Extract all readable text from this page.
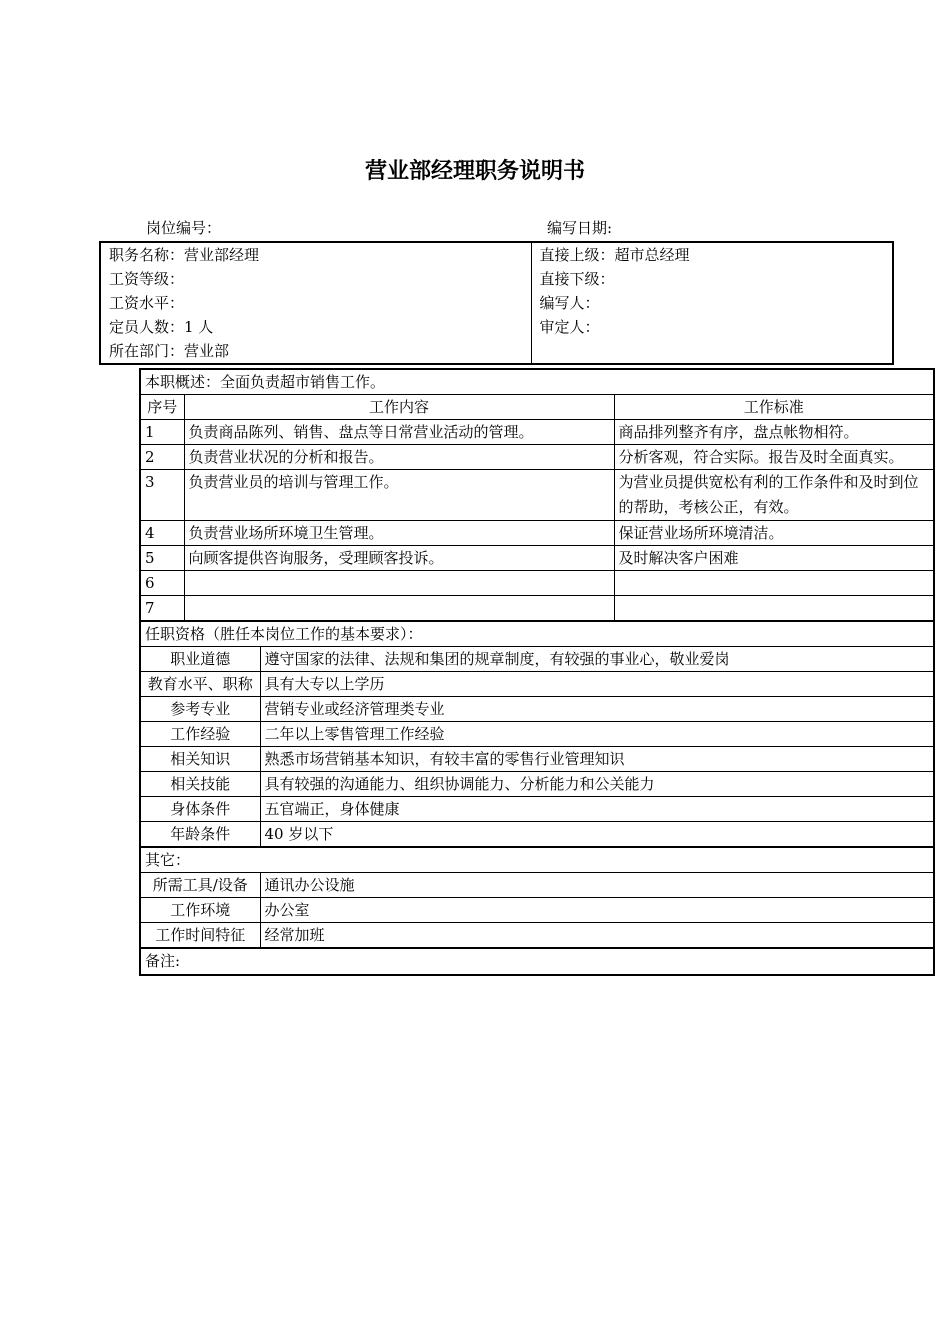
营业部经理职务说明书
岗位编号：	编写日期:
职务名称：营业部经理	直接上级：超市总经理
工资等级：	直接下级：
工资水平：	编写人：
定员人数：1 人	审定人：
所在部门：营业部	
本职概述：全面负责超市销售工作。			
序号	工作内容		工作标准
1	负责商品陈列、销售、盘点等日常营业活动的管理。		商品排列整齐有序，盘点帐物相符。
2	负责营业状况的分析和报告。		分析客观，符合实际。报告及时全面真实。
3	负责营业员的培训与管理工作。		为营业员提供宽松有利的工作条件和及时到位的帮助，考核公正，有效。
4	负责营业场所环境卫生管理。		保证营业场所环境清洁。
5	向顾客提供咨询服务，受理顾客投诉。		及时解决客户困难
6			
7			
任职资格（胜任本岗位工作的基本要求）：			
职业道德		遵守国家的法律、法规和集团的规章制度，有较强的事业心，敬业爱岗	
教育水平、职称		具有大专以上学历	
参考专业		营销专业或经济管理类专业	
工作经验		二年以上零售管理工作经验	
相关知识		熟悉市场营销基本知识，有较丰富的零售行业管理知识	
相关技能		具有较强的沟通能力、组织协调能力、分析能力和公关能力	
身体条件		五官端正，身体健康	
年龄条件		40 岁以下	
其它：			
所需工具/设备		通讯办公设施	
工作环境		办公室	
工作时间特征		经常加班	
备注:			
